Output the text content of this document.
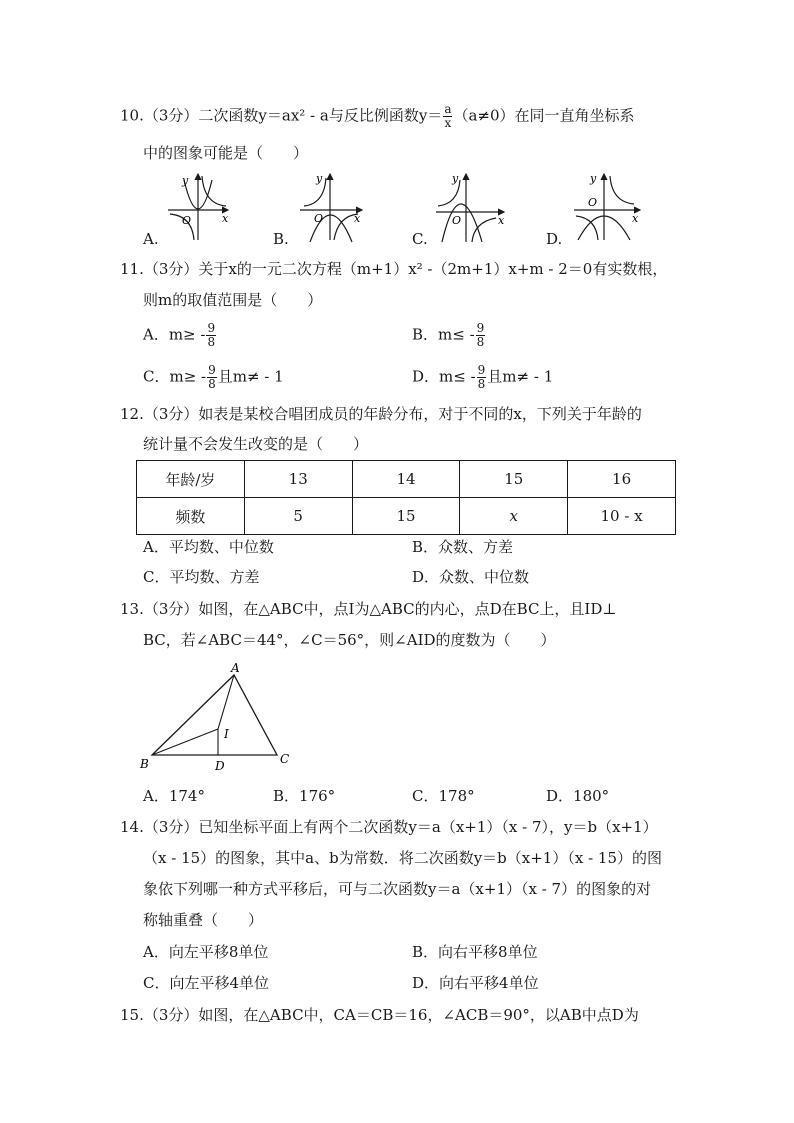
10.（3分）二次函数y＝ax² - a与反比例函数$y= \frac{a}{x} (a\ne 0)$在同一直角坐标系
中的图象可能是（　　）
y
x
O
y
x
O
y
x
O
y
x
O
A.	B.	C.	D.
11.（3分）关于x的一元二次方程（m+1）x² -（2m+1）x+m - 2＝0有实数根，
则m的取值范围是（　　）
A．$m\ge - \frac{9}{8}$	B．$m\le - \frac{9}{8}$
C．$m\ge - \frac{9}{8}$ 且m≠ - 1	D．$m\le - \frac{9}{8}$ 且m≠ - 1
12.（3分）如表是某校合唱团成员的年龄分布，对于不同的x，下列关于年龄的
统计量不会发生改变的是（　　）
年龄/岁	13	14	15	16
频数	5	15	x	10 - x
A．平均数、中位数	B．众数、方差
C．平均数、方差	D．众数、中位数
13.（3分）如图，在△ABC中，点I为△ABC的内心，点D在BC上，且ID⊥
BC，若∠ABC＝44°，∠C＝56°，则∠AID的度数为（　　）
A
B	C
D
I
A．174°	B．176°	C．178°	D．180°
14.（3分）已知坐标平面上有两个二次函数y＝a（x+1）（x - 7），y＝b（x+1）
（x - 15）的图象，其中a、b为常数．将二次函数y＝b（x+1）（x - 15）的图
象依下列哪一种方式平移后，可与二次函数y＝a（x+1）（x - 7）的图象的对
称轴重叠（　　）
A．向左平移8单位	B．向右平移8单位
C．向左平移4单位	D．向右平移4单位
15.（3分）如图，在△ABC中，CA＝CB＝16，∠ACB＝90°，以AB中点D为
